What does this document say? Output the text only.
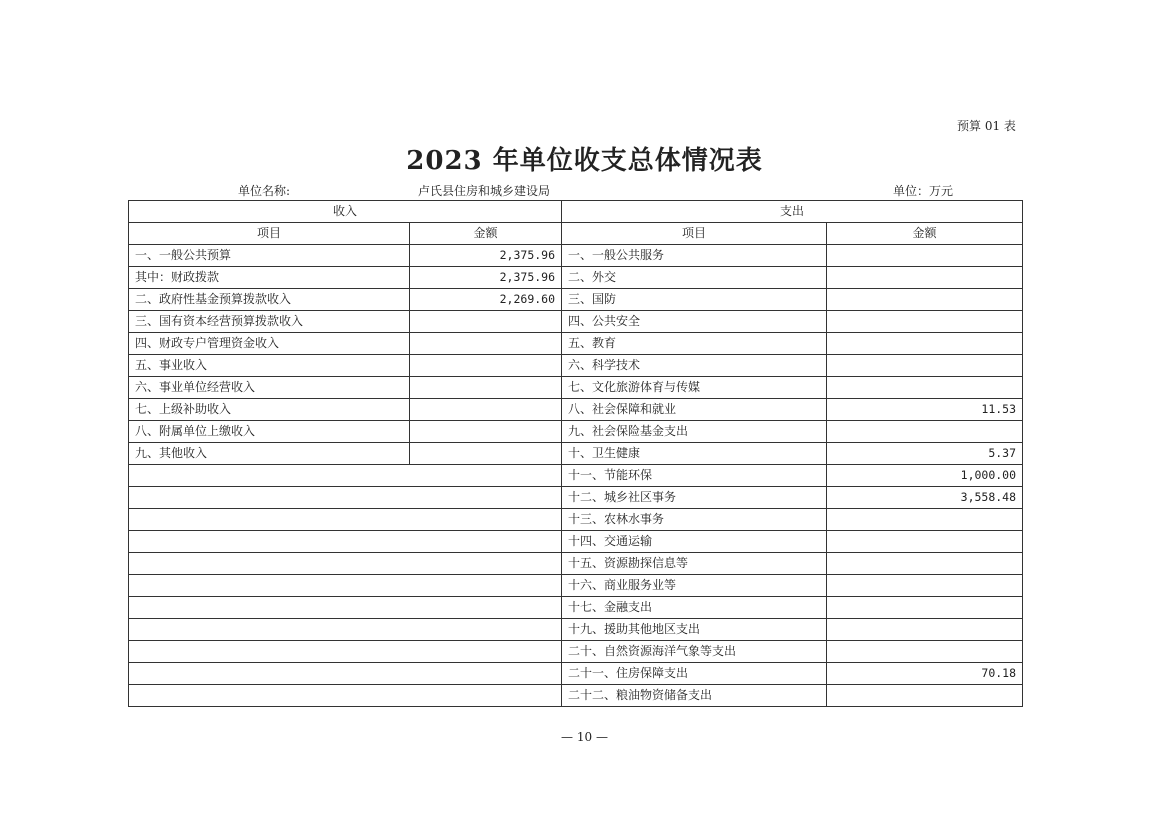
预算 01 表
2023 年单位收支总体情况表
单位名称:	卢氏县住房和城乡建设局	单位：万元
收入		支出	
项目	金额	项目	金额
一、一般公共预算	2,375.96	一、一般公共服务	
其中：财政拨款	2,375.96	二、外交	
二、政府性基金预算拨款收入	2,269.60	三、国防	
三、国有资本经营预算拨款收入		四、公共安全	
四、财政专户管理资金收入		五、教育	
五、事业收入		六、科学技术	
六、事业单位经营收入		七、文化旅游体育与传媒	
七、上级补助收入		八、社会保障和就业	11.53
八、附属单位上缴收入		九、社会保险基金支出	
九、其他收入		十、卫生健康	5.37
		十一、节能环保	1,000.00
		十二、城乡社区事务	3,558.48
		十三、农林水事务	
		十四、交通运输	
		十五、资源勘探信息等	
		十六、商业服务业等	
		十七、金融支出	
		十九、援助其他地区支出	
		二十、自然资源海洋气象等支出	
		二十一、住房保障支出	70.18
		二十二、粮油物资储备支出	
— 10 —
